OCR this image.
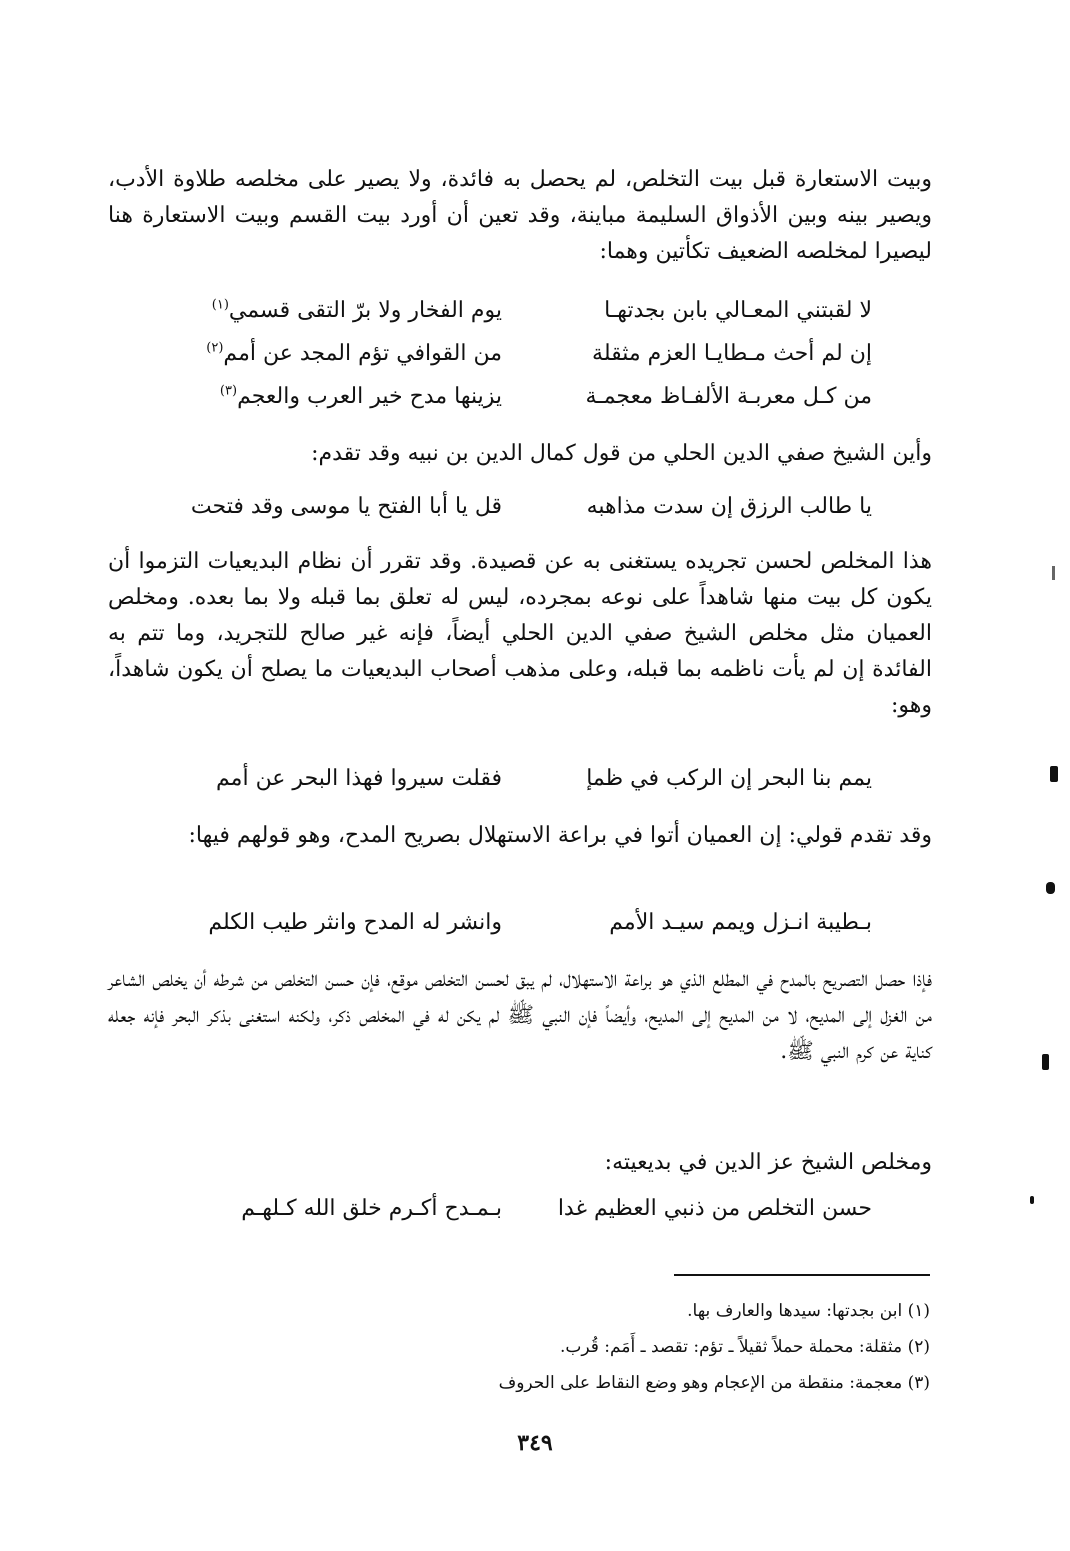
وبيت الاستعارة قبل بيت التخلص، لم يحصل به فائدة، ولا يصير على مخلصه طلاوة الأدب، ويصير بينه وبين الأذواق السليمة مباينة، وقد تعين أن أورد بيت القسم وبيت الاستعارة هنا ليصيرا لمخلصه الضعيف تكأتين وهما:

لا لقبتني المعـالي بابن بجدتهـا
يوم الفخار ولا برّ التقى قسمي$^{(١)}$
إن لم أحث مـطايـا العزم مثقلة
من القوافي تؤم المجد عن أمم$^{(٢)}$
من كـل معربـة الألفـاظ معجمـة
يزينها مدح خير العرب والعجم$^{(٣)}$

وأين الشيخ صفي الدين الحلي من قول كمال الدين بن نبيه وقد تقدم:

يا طالب الرزق إن سدت مذاهبه
قل يا أبا الفتح يا موسى وقد فتحت

هذا المخلص لحسن تجريده يستغنى به عن قصيدة. وقد تقرر أن نظام البديعيات التزموا أن يكون كل بيت منها شاهداً على نوعه بمجرده، ليس له تعلق بما قبله ولا بما بعده. ومخلص العميان مثل مخلص الشيخ صفي الدين الحلي أيضاً، فإنه غير صالح للتجريد، وما تتم به الفائدة إن لم يأت ناظمه بما قبله، وعلى مذهب أصحاب البديعيات ما يصلح أن يكون شاهداً، وهو:

يمم بنا البحر إن الركب في ظمإ
فقلت سيروا فهذا البحر عن أمم

وقد تقدم قولي: إن العميان أتوا في براعة الاستهلال بصريح المدح، وهو قولهم فيها:

بـطيبة انـزل ويمم سيـد الأمم
وانشر له المدح وانثر طيب الكلم

فإذا حصل التصريح بالمدح في المطلع الذي هو براعة الاستهلال، لم يبق لحسن التخلص موقع، فإن حسن التخلص من شرطه أن يخلص الشاعر من الغزل إلى المديح، لا من المديح إلى المديح، وأيضاً فإن النبي ﷺ لم يكن له في المخلص ذكر، ولكنه استغنى بذكر البحر فإنه جعله كناية عن كرم النبي ﷺ.

ومخلص الشيخ عز الدين في بديعيته:

حسن التخلص من ذنبي العظيم غدا
بـمـدح أكـرم خلق الله كـلهـم
(١) ابن بجدتها: سيدها والعارف بها.
(٢) مثقلة: محملة حملاً ثقيلاً ـ تؤم: تقصد ـ أَمَم: قُرب.
(٣) معجمة: منقطة من الإعجام وهو وضع النقاط على الحروف
٣٤٩
